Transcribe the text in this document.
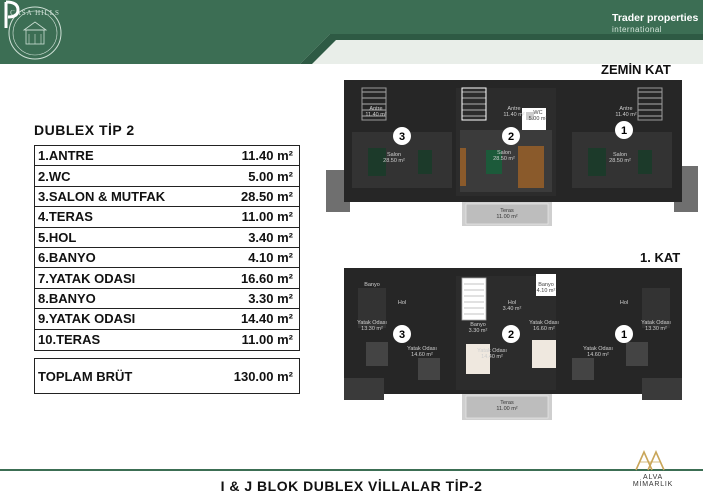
CASA HILLS	Trader properties
international
DUBLEX TİP 2
1.ANTRE	11.40 m²
2.WC	5.00 m²
3.SALON & MUTFAK	28.50 m²
4.TERAS	11.00 m²
5.HOL	3.40 m²
6.BANYO	4.10 m²
7.YATAK ODASI	16.60 m²
8.BANYO	3.30 m²
9.YATAK ODASI	14.40 m²
10.TERAS	11.00 m²
TOPLAM BRÜT	130.00 m²
ZEMİN KAT
1. KAT
3	2	1
Antre
11.40 m²
Antre
11.40 m² WC
5.00 m²
Antre
11.40 m²
Salon
28.50 m²
Salon
28.50 m²
Salon
28.50 m²
Teras
11.00 m²
3	2	1
Banyo	Banyo
4.10 m²
Hol	Hol
3.40 m²
Hol
Yatak Odası
13.30 m²
Yatak Odası
16.60 m²
Banyo
3.30 m²
Yatak Odası
14.40 m²
Yatak Odası
14.60 m²
Yatak Odası
14.60 m²
Yatak Odası
13.30 m²
Teras
11.00 m²
ALVA MİMARLIK
I & J BLOK DUBLEX VİLLALAR TİP-2
